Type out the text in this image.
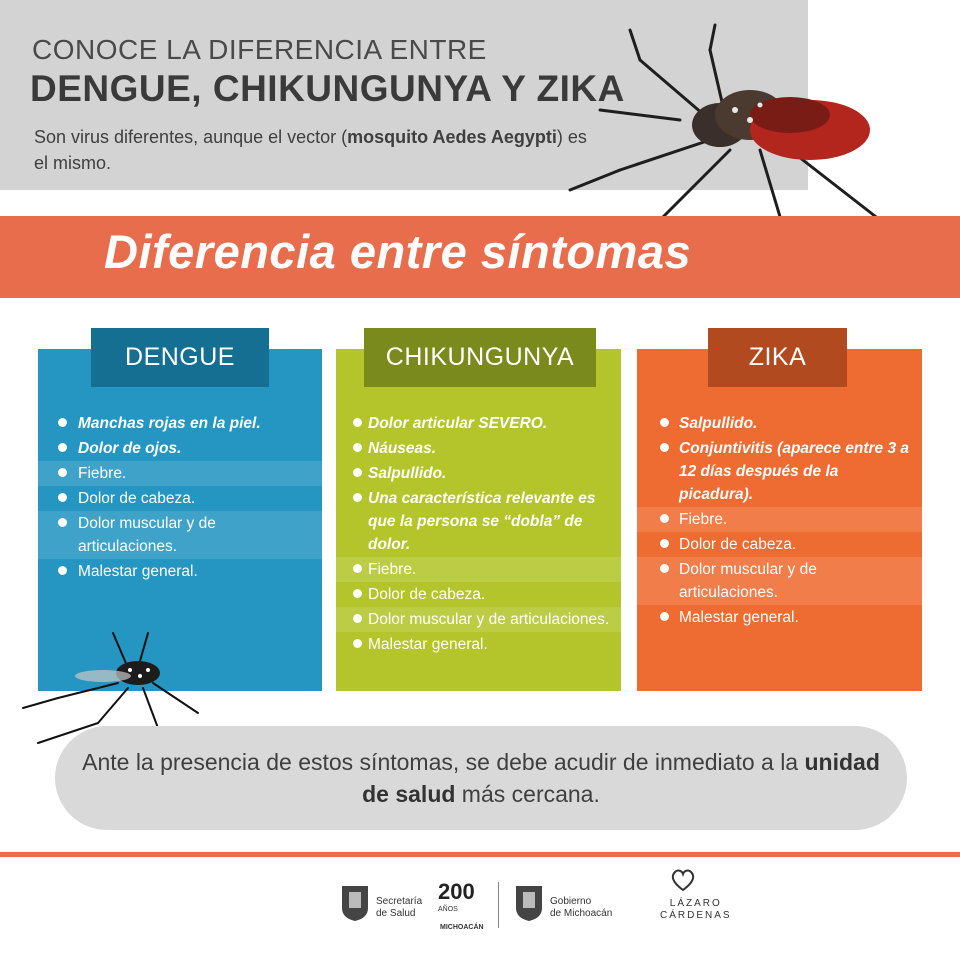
CONOCE LA DIFERENCIA ENTRE
DENGUE, CHIKUNGUNYA Y ZIKA
Son virus diferentes, aunque el vector (mosquito Aedes Aegypti) es el mismo.
Diferencia entre síntomas
Manchas rojas en la piel.
Dolor de ojos.
Fiebre.
Dolor de cabeza.
Dolor muscular y de articulaciones.
Malestar general.
DENGUE
Dolor articular SEVERO.
Náuseas.
Salpullido.
Una característica relevante es que la persona se “dobla” de dolor.
Fiebre.
Dolor de cabeza.
Dolor muscular y de articulaciones.
Malestar general.
CHIKUNGUNYA
Salpullido.
Conjuntivitis (aparece entre 3 a 12 días después de la picadura).
Fiebre.
Dolor de cabeza.
Dolor muscular y de articulaciones.
Malestar general.
ZIKA
Ante la presencia de estos síntomas, se debe acudir de inmediato a la unidad de salud más cercana.
Secretaría
de Salud
200
AÑOS
MICHOACÁN
Gobierno
de Michoacán
LÁZARO
CÁRDENAS
